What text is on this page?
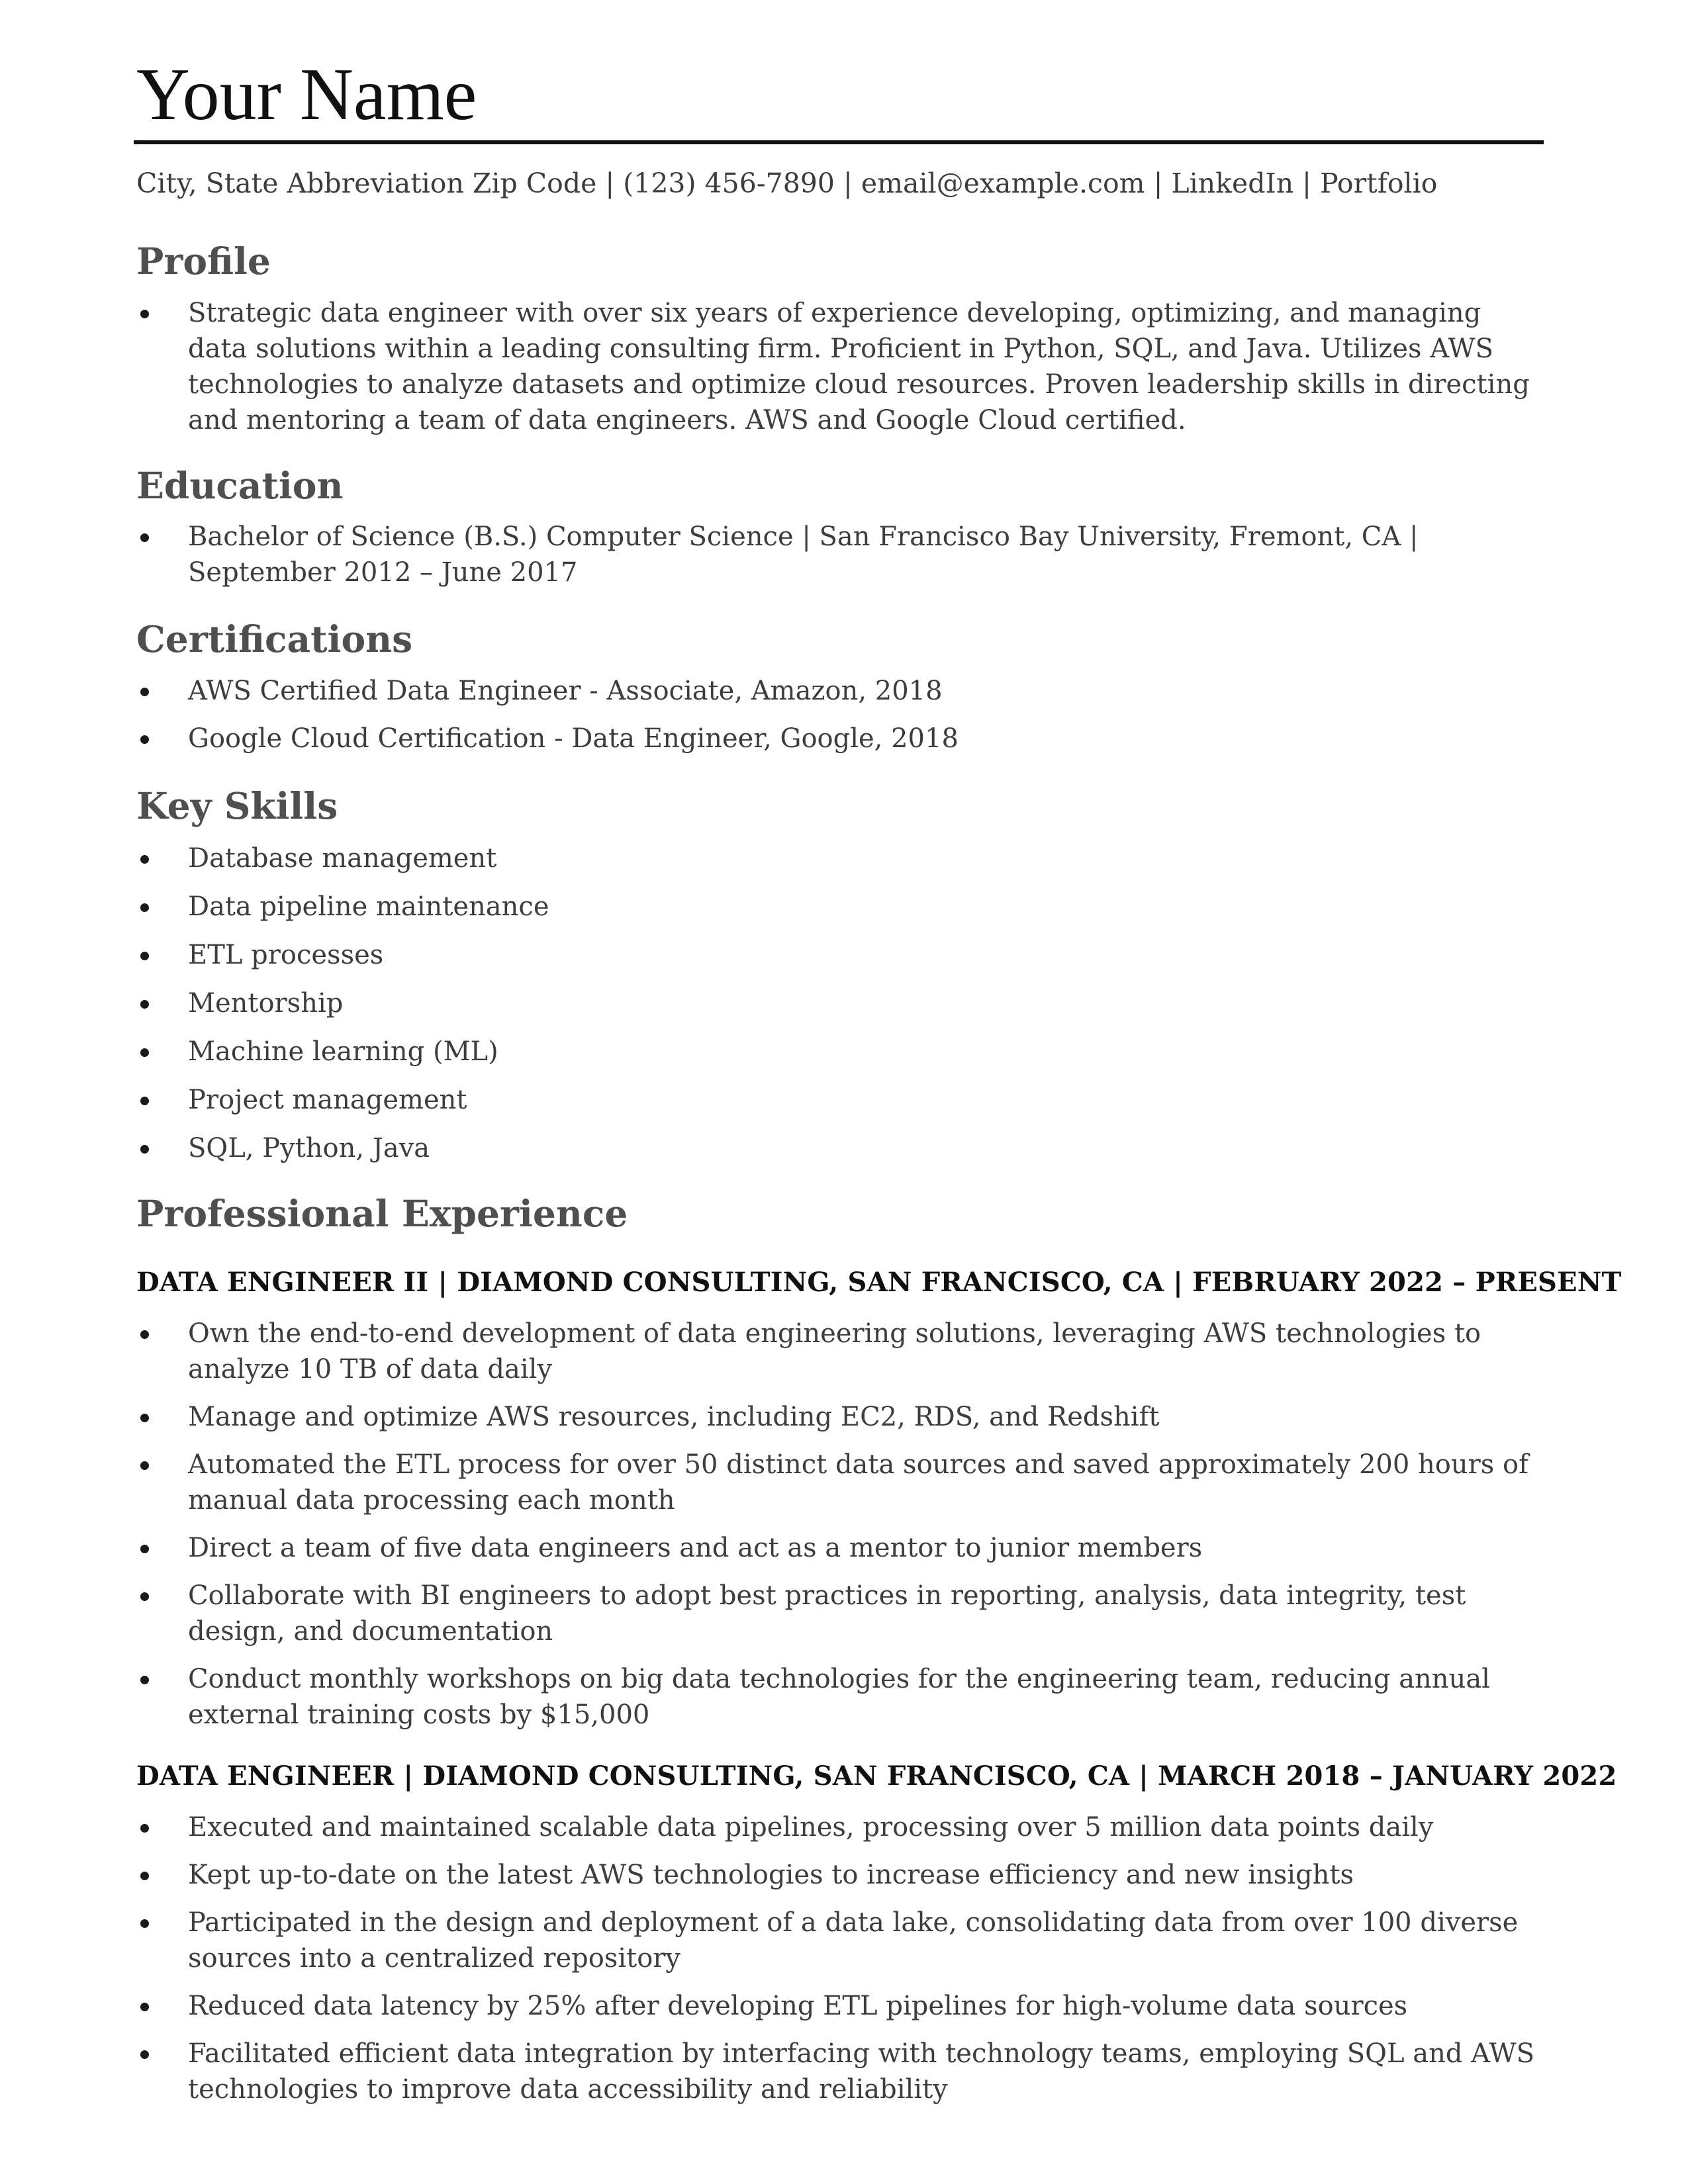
Your Name
City, State Abbreviation Zip Code | (123) 456-7890 | email@example.com | LinkedIn | Portfolio
Profile
Strategic data engineer with over six years of experience developing, optimizing, and managing data solutions within a leading consulting firm. Proficient in Python, SQL, and Java. Utilizes AWS technologies to analyze datasets and optimize cloud resources. Proven leadership skills in directing and mentoring a team of data engineers. AWS and Google Cloud certified.
Education
Bachelor of Science (B.S.) Computer Science | San Francisco Bay University, Fremont, CA | September 2012 – June 2017
Certifications
AWS Certified Data Engineer - Associate, Amazon, 2018
Google Cloud Certification - Data Engineer, Google, 2018
Key Skills
Database management
Data pipeline maintenance
ETL processes
Mentorship
Machine learning (ML)
Project management
SQL, Python, Java
Professional Experience
DATA ENGINEER II | DIAMOND CONSULTING, SAN FRANCISCO, CA | FEBRUARY 2022 – PRESENT
Own the end-to-end development of data engineering solutions, leveraging AWS technologies to analyze 10 TB of data daily
Manage and optimize AWS resources, including EC2, RDS, and Redshift
Automated the ETL process for over 50 distinct data sources and saved approximately 200 hours of manual data processing each month
Direct a team of five data engineers and act as a mentor to junior members
Collaborate with BI engineers to adopt best practices in reporting, analysis, data integrity, test design, and documentation
Conduct monthly workshops on big data technologies for the engineering team, reducing annual external training costs by $15,000
DATA ENGINEER | DIAMOND CONSULTING, SAN FRANCISCO, CA | MARCH 2018 – JANUARY 2022
Executed and maintained scalable data pipelines, processing over 5 million data points daily
Kept up-to-date on the latest AWS technologies to increase efficiency and new insights
Participated in the design and deployment of a data lake, consolidating data from over 100 diverse sources into a centralized repository
Reduced data latency by 25% after developing ETL pipelines for high-volume data sources
Facilitated efficient data integration by interfacing with technology teams, employing SQL and AWS technologies to improve data accessibility and reliability
